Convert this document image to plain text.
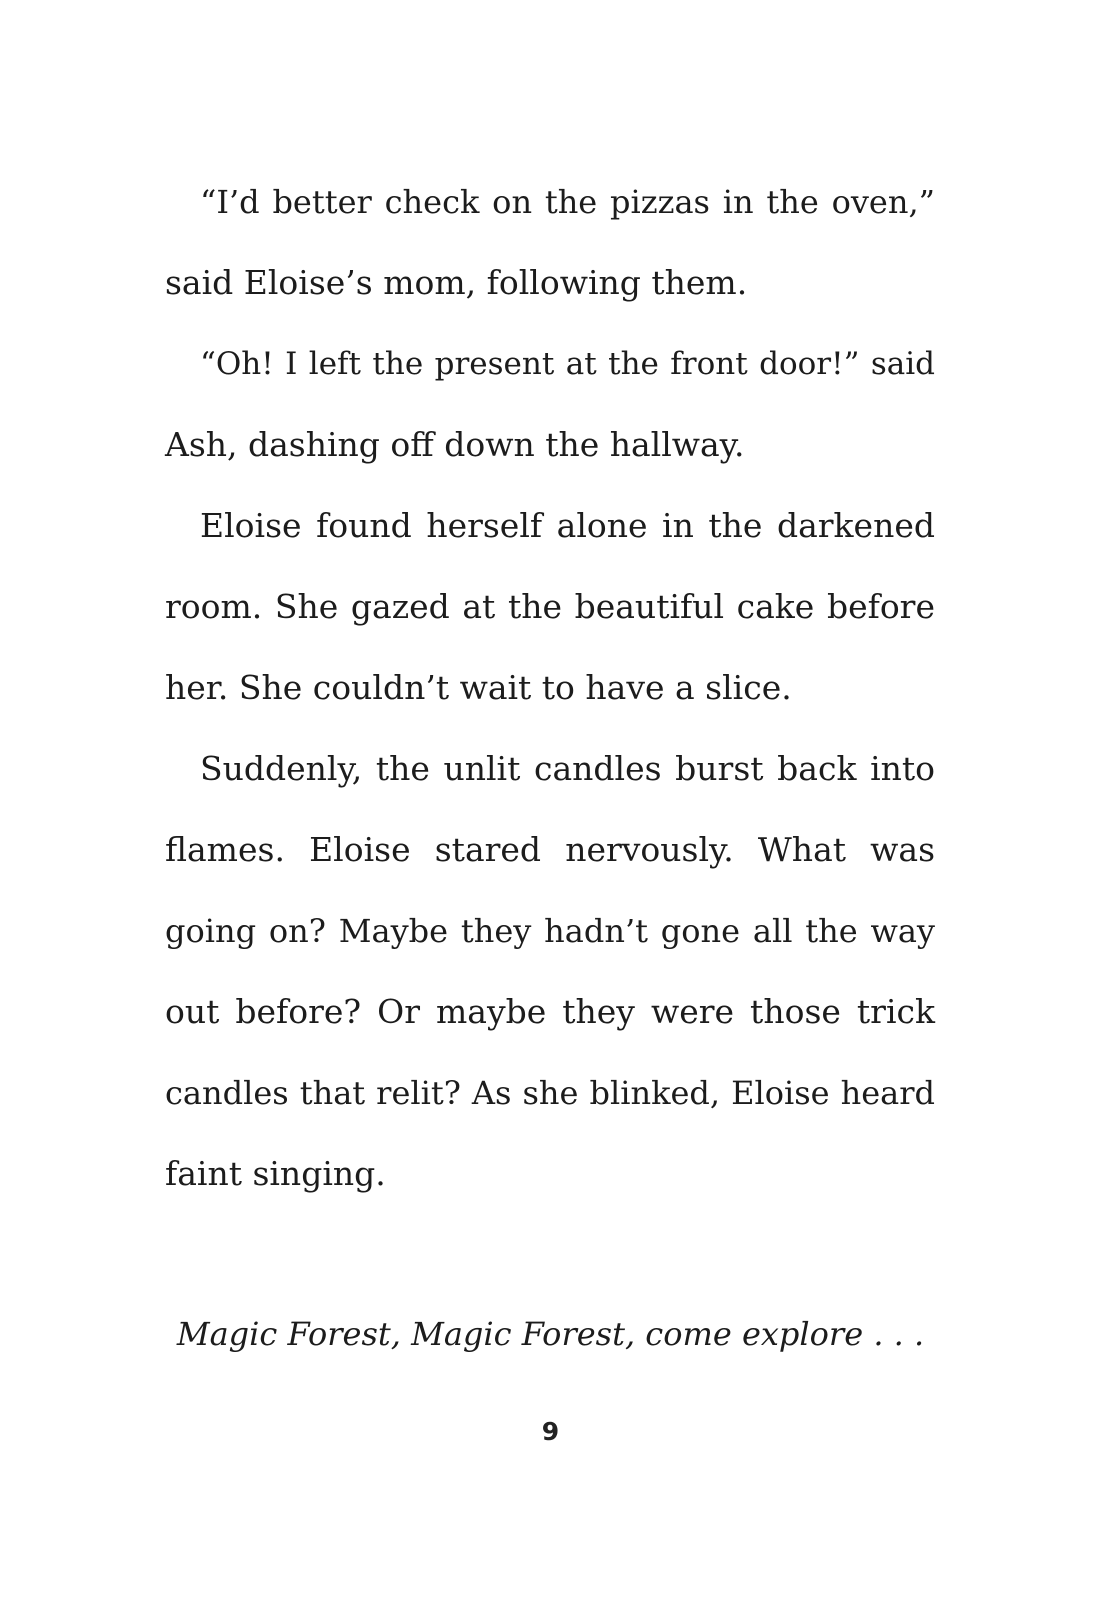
“I’d better check on the pizzas in the oven,”
said Eloise’s mom, following them.
“Oh! I left the present at the front door!” said
Ash, dashing off down the hallway.
Eloise found herself alone in the darkened
room. She gazed at the beautiful cake before
her. She couldn’t wait to have a slice.
Suddenly, the unlit candles burst back into
flames. Eloise stared nervously. What was
going on? Maybe they hadn’t gone all the way
out before? Or maybe they were those trick
candles that relit? As she blinked, Eloise heard
faint singing.
Magic Forest, Magic Forest, come explore . . .
9
